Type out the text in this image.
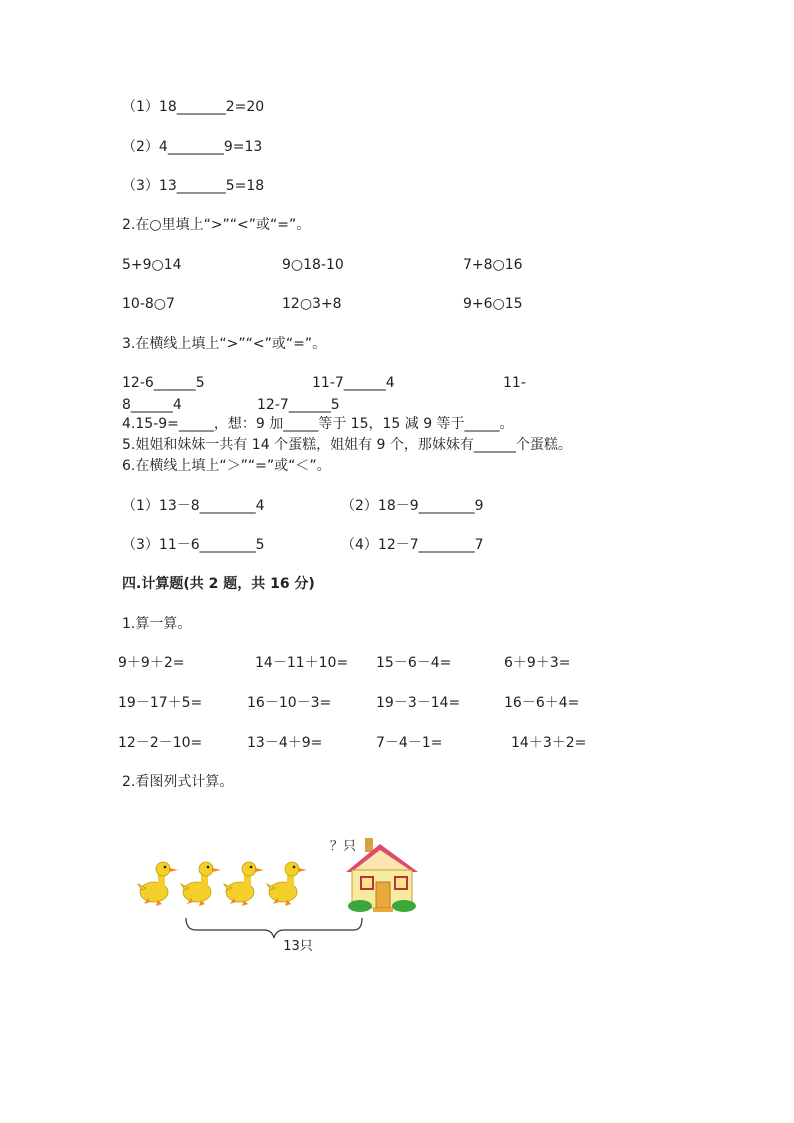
（1）18_______2=20
（2）4________9=13
（3）13_______5=18
2.在○里填上“>”“<”或“=”。
5+9○14	9○18-10	7+8○16
10-8○7	12○3+8	9+6○15
3.在横线上填上“>”“<”或“=”。
12-6______5	11-7______4	11-
8______4	12-7______5
4.15-9=_____，想：9 加_____等于 15，15 减 9 等于_____。
5.姐姐和妹妹一共有 14 个蛋糕，姐姐有 9 个，那妹妹有______个蛋糕。
6.在横线上填上“＞”“=”或“＜”。
（1）13－8________4	（2）18－9________9
（3）11－6________5	（4）12－7________7
四.计算题(共 2 题，共 16 分)
1.算一算。
9＋9＋2=	14－11＋10= 15－6－4=	6＋9＋3=
19－17＋5=	16－10－3=	19－3－14=	16－6＋4=
12－2－10=	13－4＋9=	7－4－1=	14＋3＋2=
2.看图列式计算。
13只
？只
